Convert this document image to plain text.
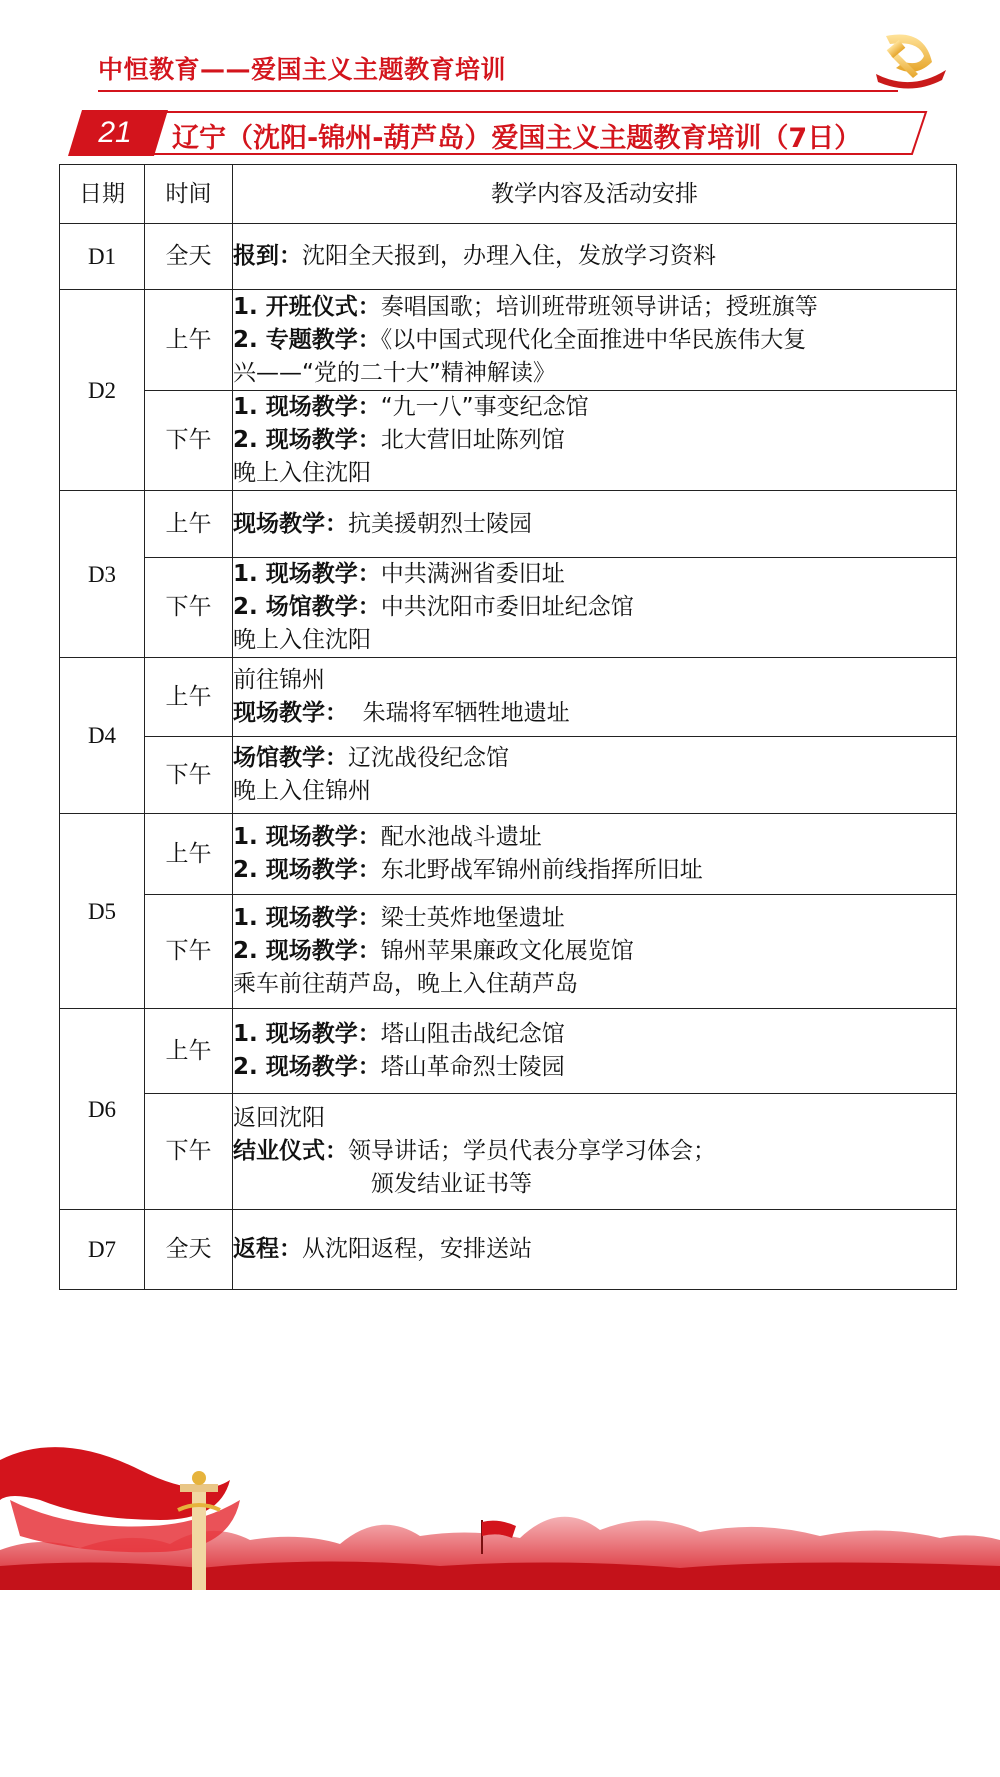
中恒教育——爱国主义主题教育培训
21 辽宁（沈阳-锦州-葫芦岛）爱国主义主题教育培训（7日）
日期	时间	教学内容及活动安排
D1	全天	报到：沈阳全天报到，办理入住，发放学习资料

D2	上午	1. 开班仪式：奏唱国歌；培训班带班领导讲话；授班旗等
2. 专题教学：《以中国式现代化全面推进中华民族伟大复
兴——“党的二十大”精神解读》

	下午	1. 现场教学：“九一八”事变纪念馆
2. 现场教学：北大营旧址陈列馆
晚上入住沈阳

D3	上午	现场教学：抗美援朝烈士陵园

	下午	1. 现场教学：中共满洲省委旧址
2. 场馆教学：中共沈阳市委旧址纪念馆
晚上入住沈阳

D4	上午	前往锦州
现场教学： 朱瑞将军牺牲地遗址

	下午	场馆教学：辽沈战役纪念馆
晚上入住锦州

D5	上午	1. 现场教学：配水池战斗遗址
2. 现场教学：东北野战军锦州前线指挥所旧址

	下午	1. 现场教学：梁士英炸地堡遗址
2. 现场教学：锦州苹果廉政文化展览馆
乘车前往葫芦岛，晚上入住葫芦岛

D6	上午	1. 现场教学：塔山阻击战纪念馆
2. 现场教学：塔山革命烈士陵园

	下午	返回沈阳
结业仪式：领导讲话；学员代表分享学习体会；
颁发结业证书等

D7	全天	返程：从沈阳返程，安排送站
